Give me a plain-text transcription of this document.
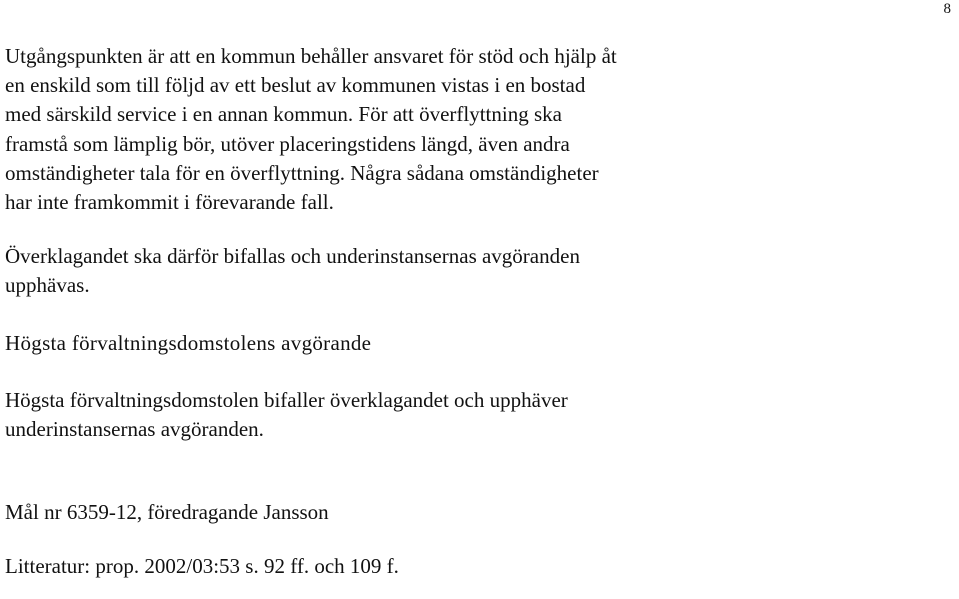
8

Utgångspunkten är att en kommun behåller ansvaret för stöd och hjälp åt
en enskild som till följd av ett beslut av kommunen vistas i en bostad
med särskild service i en annan kommun. För att överflyttning ska
framstå som lämplig bör, utöver placeringstidens längd, även andra
omständigheter tala för en överflyttning. Några sådana omständigheter
har inte framkommit i förevarande fall.

Överklagandet ska därför bifallas och underinstansernas avgöranden
upphävas.

Högsta förvaltningsdomstolens avgörande

Högsta förvaltningsdomstolen bifaller överklagandet och upphäver
underinstansernas avgöranden.

Mål nr 6359-12, föredragande Jansson

Litteratur: prop. 2002/03:53 s. 92 ff. och 109 f.
